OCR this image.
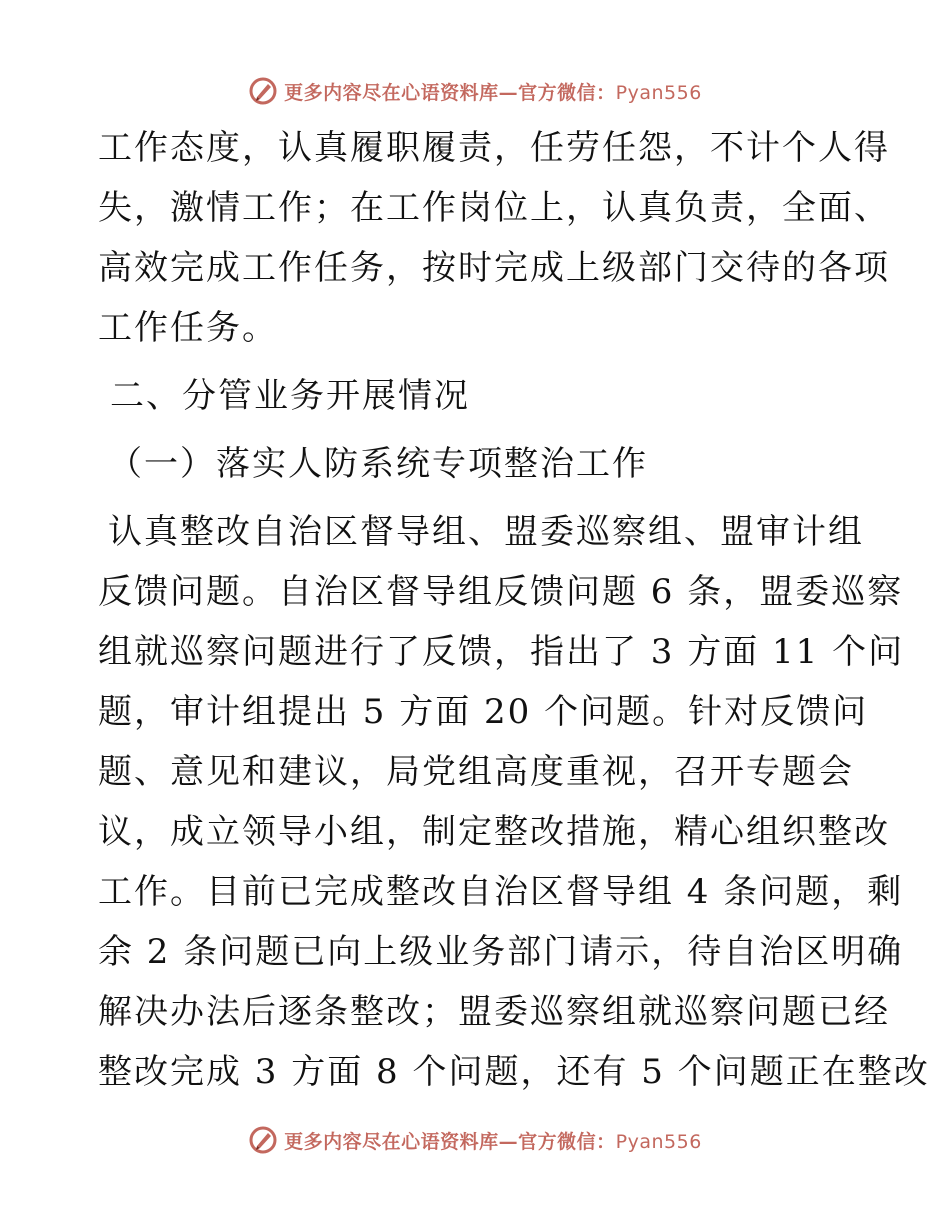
更多内容尽在心语资料库—官方微信：Pyan556
工作态度，认真履职履责，任劳任怨，不计个人得
失，激情工作；在工作岗位上，认真负责，全面、
高效完成工作任务，按时完成上级部门交待的各项
工作任务。
二、分管业务开展情况
（一）落实人防系统专项整治工作
认真整改自治区督导组、盟委巡察组、盟审计组
反馈问题。自治区督导组反馈问题 6 条，盟委巡察
组就巡察问题进行了反馈，指出了 3 方面 11 个问
题，审计组提出 5 方面 20 个问题。针对反馈问
题、意见和建议，局党组高度重视，召开专题会
议，成立领导小组，制定整改措施，精心组织整改
工作。目前已完成整改自治区督导组 4 条问题，剩
余 2 条问题已向上级业务部门请示，待自治区明确
解决办法后逐条整改；盟委巡察组就巡察问题已经
整改完成 3 方面 8 个问题，还有 5 个问题正在整改
更多内容尽在心语资料库—官方微信：Pyan556
